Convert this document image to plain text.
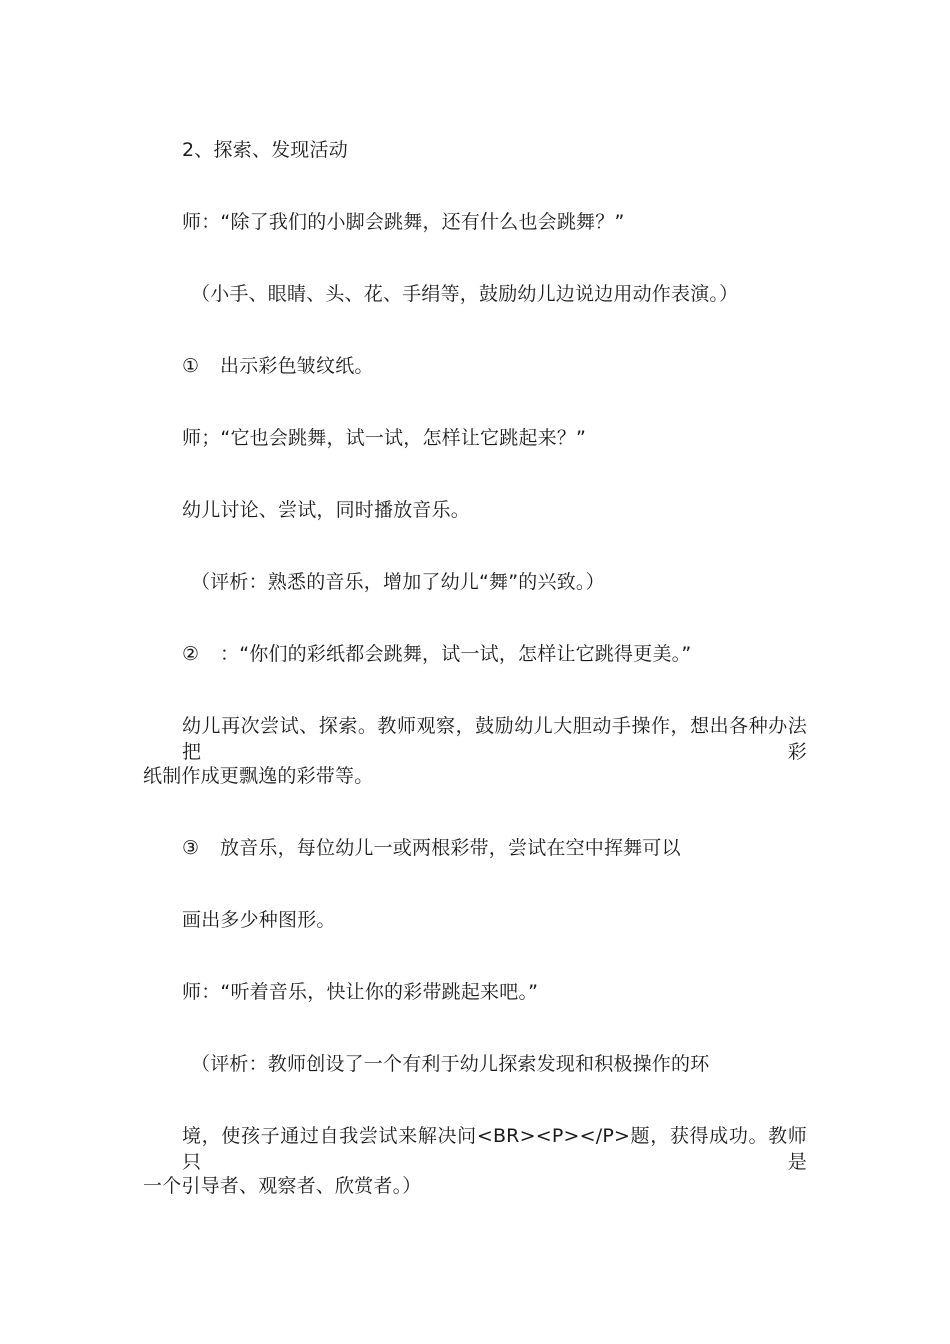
2、探索、发现活动
师：“除了我们的小脚会跳舞，还有什么也会跳舞？”
（小手、眼睛、头、花、手绢等，鼓励幼儿边说边用动作表演。）
① 出示彩色皱纹纸。
师；“它也会跳舞，试一试，怎样让它跳起来？”
幼儿讨论、尝试，同时播放音乐。
（评析：熟悉的音乐，增加了幼儿“舞”的兴致。）
② ：“你们的彩纸都会跳舞，试一试，怎样让它跳得更美。”
幼儿再次尝试、探索。教师观察，鼓励幼儿大胆动手操作，想出各种办法把彩
纸制作成更飘逸的彩带等。
③ 放音乐，每位幼儿一或两根彩带，尝试在空中挥舞可以
画出多少种图形。
师：“听着音乐，快让你的彩带跳起来吧。”
（评析：教师创设了一个有利于幼儿探索发现和积极操作的环
境，使孩子通过自我尝试来解决问<BR><P></P>题，获得成功。教师只是
一个引导者、观察者、欣赏者。）
